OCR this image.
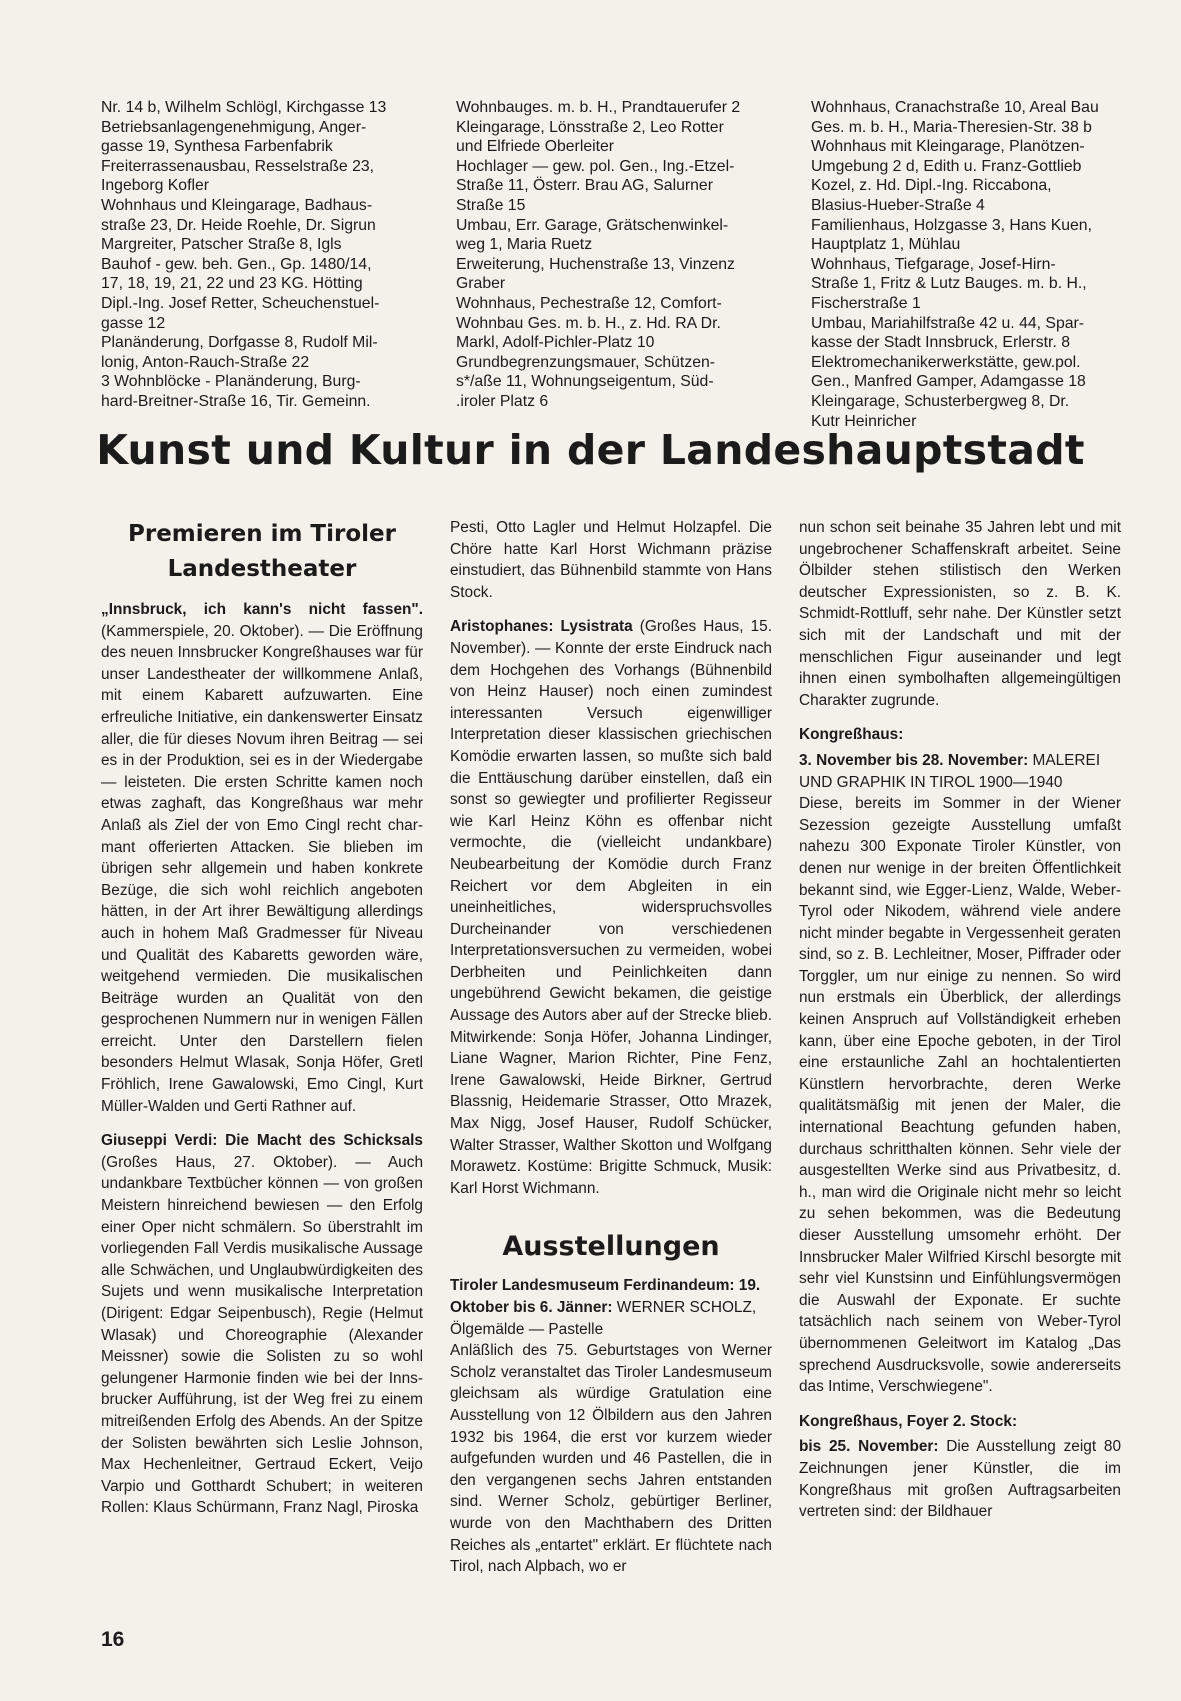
Nr. 14 b, Wilhelm Schlögl, Kirchgasse 13
Betriebsanlagengenehmigung, Anger-
gasse 19, Synthesa Farbenfabrik
Freiterrassenausbau, Resselstraße 23,
Ingeborg Kofler
Wohnhaus und Kleingarage, Badhaus-
straße 23, Dr. Heide Roehle, Dr. Sigrun
Margreiter, Patscher Straße 8, Igls
Bauhof - gew. beh. Gen., Gp. 1480/14,
17, 18, 19, 21, 22 und 23 KG. Hötting
Dipl.-Ing. Josef Retter, Scheuchenstuel-
gasse 12
Planänderung, Dorfgasse 8, Rudolf Mil-
lonig, Anton-Rauch-Straße 22
3 Wohnblöcke - Planänderung, Burg-
hard-Breitner-Straße 16, Tir. Gemeinn.

Wohnbauges. m. b. H., Prandtauerufer 2
Kleingarage, Lönsstraße 2, Leo Rotter
und Elfriede Oberleiter
Hochlager — gew. pol. Gen., Ing.-Etzel-
Straße 11, Österr. Brau AG, Salurner
Straße 15
Umbau, Err. Garage, Grätschenwinkel-
weg 1, Maria Ruetz
Erweiterung, Huchenstraße 13, Vinzenz
Graber
Wohnhaus, Pechestraße 12, Comfort-
Wohnbau Ges. m. b. H., z. Hd. RA Dr.
Markl, Adolf-Pichler-Platz 10
Grundbegrenzungsmauer, Schützen-
s*/aße 11, Wohnungseigentum, Süd-
.iroler Platz 6

Wohnhaus, Cranachstraße 10, Areal Bau
Ges. m. b. H., Maria-Theresien-Str. 38 b
Wohnhaus mit Kleingarage, Planötzen-
Umgebung 2 d, Edith u. Franz-Gottlieb
Kozel, z. Hd. Dipl.-Ing. Riccabona,
Blasius-Hueber-Straße 4
Familienhaus, Holzgasse 3, Hans Kuen,
Hauptplatz 1, Mühlau
Wohnhaus, Tiefgarage, Josef-Hirn-
Straße 1, Fritz & Lutz Bauges. m. b. H.,
Fischerstraße 1
Umbau, Mariahilfstraße 42 u. 44, Spar-
kasse der Stadt Innsbruck, Erlerstr. 8
Elektromechanikerwerkstätte, gew.pol.
Gen., Manfred Gamper, Adamgasse 18
Kleingarage, Schusterbergweg 8, Dr.
Kutr Heinricher

Kunst und Kultur in der Landeshauptstadt
Premieren im Tiroler Landestheater

„Innsbruck, ich kann's nicht fassen". (Kammerspiele, 20. Oktober). — Die Eröffnung des neuen Innsbrucker Kongreßhauses war für unser Landestheater der willkommene Anlaß, mit einem Kabarett aufzuwarten. Eine erfreuliche Initiative, ein dankenswerter Einsatz aller, die für dieses Novum ihren Beitrag — sei es in der Produktion, sei es in der Wiedergabe — leisteten. Die ersten Schritte kamen noch etwas zaghaft, das Kongreßhaus war mehr Anlaß als Ziel der von Emo Cingl recht charmant offerierten Attacken. Sie blieben im übrigen sehr allgemein und haben konkrete Bezüge, die sich wohl reichlich angeboten hätten, in der Art ihrer Bewältigung allerdings auch in hohem Maß Gradmesser für Niveau und Qualität des Kabaretts geworden wäre, weitgehend vermieden. Die musikalischen Beiträge wurden an Qualität von den gesprochenen Nummern nur in wenigen Fällen erreicht. Unter den Darstellern fielen besonders Helmut Wlasak, Sonja Höfer, Gretl Fröhlich, Irene Gawalowski, Emo Cingl, Kurt Müller-Walden und Gerti Rathner auf.

Giuseppi Verdi: Die Macht des Schicksals (Großes Haus, 27. Oktober). — Auch undankbare Textbücher können — von großen Meistern hinreichend bewiesen — den Erfolg einer Oper nicht schmälern. So überstrahlt im vorliegenden Fall Verdis musikalische Aussage alle Schwächen, und Unglaubwürdigkeiten des Sujets und wenn musikalische Interpretation (Dirigent: Edgar Seipenbusch), Regie (Helmut Wlasak) und Choreographie (Alexander Meissner) sowie die Solisten zu so wohl gelungener Harmonie finden wie bei der Innsbrucker Aufführung, ist der Weg frei zu einem mitreißenden Erfolg des Abends. An der Spitze der Solisten bewährten sich Leslie Johnson, Max Hechenleitner, Gertraud Eckert, Veijo Varpio und Gotthardt Schubert; in weiteren Rollen: Klaus Schürmann, Franz Nagl, Piroska

Pesti, Otto Lagler und Helmut Holzapfel. Die Chöre hatte Karl Horst Wichmann präzise einstudiert, das Bühnenbild stammte von Hans Stock.

Aristophanes: Lysistrata (Großes Haus, 15. November). — Konnte der erste Eindruck nach dem Hochgehen des Vorhangs (Bühnenbild von Heinz Hauser) noch einen zumindest interessanten Versuch eigenwilliger Interpretation dieser klassischen griechischen Komödie erwarten lassen, so mußte sich bald die Enttäuschung darüber einstellen, daß ein sonst so gewiegter und profilierter Regisseur wie Karl Heinz Köhn es offenbar nicht vermochte, die (vielleicht undankbare) Neubearbeitung der Komödie durch Franz Reichert vor dem Abgleiten in ein uneinheitliches, widerspruchsvolles Durcheinander von verschiedenen Interpretationsversuchen zu vermeiden, wobei Derbheiten und Peinlichkeiten dann ungebührend Gewicht bekamen, die geistige Aussage des Autors aber auf der Strecke blieb. Mitwirkende: Sonja Höfer, Johanna Lindinger, Liane Wagner, Marion Richter, Pine Fenz, Irene Gawalowski, Heide Birkner, Gertrud Blassnig, Heidemarie Strasser, Otto Mrazek, Max Nigg, Josef Hauser, Rudolf Schücker, Walter Strasser, Walther Skotton und Wolfgang Morawetz. Kostüme: Brigitte Schmuck, Musik: Karl Horst Wichmann.

Ausstellungen

Tiroler Landesmuseum Ferdinandeum: 19. Oktober bis 6. Jänner: WERNER SCHOLZ, Ölgemälde — Pastelle

Anläßlich des 75. Geburtstages von Werner Scholz veranstaltet das Tiroler Landesmuseum gleichsam als würdige Gratulation eine Ausstellung von 12 Ölbildern aus den Jahren 1932 bis 1964, die erst vor kurzem wieder aufgefunden wurden und 46 Pastellen, die in den vergangenen sechs Jahren entstanden sind. Werner Scholz, gebürtiger Berliner, wurde von den Machthabern des Dritten Reiches als „entartet" erklärt. Er flüchtete nach Tirol, nach Alpbach, wo er

nun schon seit beinahe 35 Jahren lebt und mit ungebrochener Schaffenskraft arbeitet. Seine Ölbilder stehen stilistisch den Werken deutscher Expressionisten, so z. B. K. Schmidt-Rottluff, sehr nahe. Der Künstler setzt sich mit der Landschaft und mit der menschlichen Figur auseinander und legt ihnen einen symbolhaften allgemeingültigen Charakter zugrunde.

Kongreßhaus:

3. November bis 28. November: MALEREI UND GRAPHIK IN TIROL 1900—1940

Diese, bereits im Sommer in der Wiener Sezession gezeigte Ausstellung umfaßt nahezu 300 Exponate Tiroler Künstler, von denen nur wenige in der breiten Öffentlichkeit bekannt sind, wie Egger-Lienz, Walde, Weber-Tyrol oder Nikodem, während viele andere nicht minder begabte in Vergessenheit geraten sind, so z. B. Lechleitner, Moser, Piffrader oder Torggler, um nur einige zu nennen. So wird nun erstmals ein Überblick, der allerdings keinen Anspruch auf Vollständigkeit erheben kann, über eine Epoche geboten, in der Tirol eine erstaunliche Zahl an hochtalentierten Künstlern hervorbrachte, deren Werke qualitätsmäßig mit jenen der Maler, die international Beachtung gefunden haben, durchaus schritthalten können. Sehr viele der ausgestellten Werke sind aus Privatbesitz, d. h., man wird die Originale nicht mehr so leicht zu sehen bekommen, was die Bedeutung dieser Ausstellung umsomehr erhöht. Der Innsbrucker Maler Wilfried Kirschl besorgte mit sehr viel Kunstsinn und Einfühlungsvermögen die Auswahl der Exponate. Er suchte tatsächlich nach seinem von Weber-Tyrol übernommenen Geleitwort im Katalog „Das sprechend Ausdrucksvolle, sowie andererseits das Intime, Verschwiegene".

Kongreßhaus, Foyer 2. Stock:

bis 25. November: Die Ausstellung zeigt 80 Zeichnungen jener Künstler, die im Kongreßhaus mit großen Auftragsarbeiten vertreten sind: der Bildhauer

16
